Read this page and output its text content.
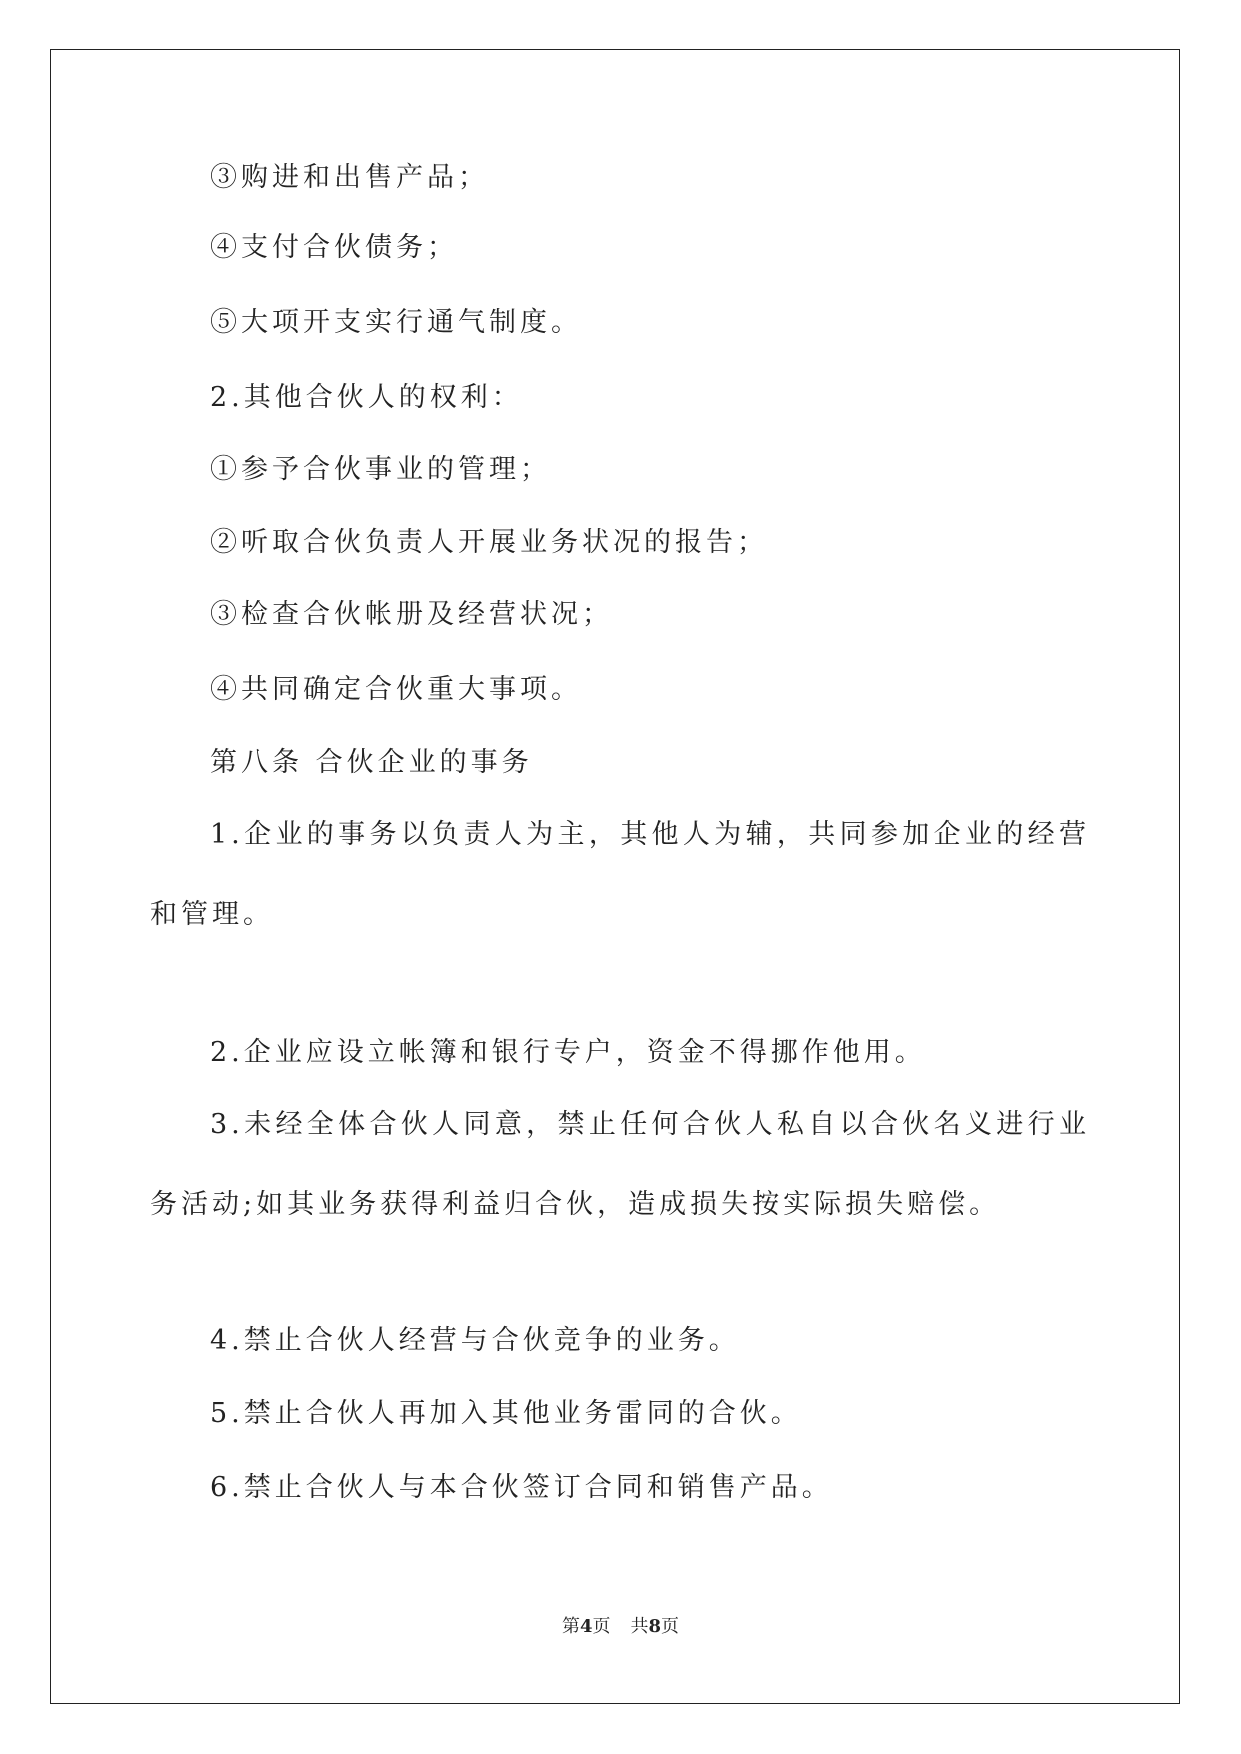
③购进和出售产品；
④支付合伙债务；
⑤大项开支实行通气制度。
2.其他合伙人的权利：
①参予合伙事业的管理；
②听取合伙负责人开展业务状况的报告；
③检查合伙帐册及经营状况；
④共同确定合伙重大事项。
第八条 合伙企业的事务
1.企业的事务以负责人为主，其他人为辅，共同参加企业的经营和管理。
2.企业应设立帐簿和银行专户，资金不得挪作他用。
3.未经全体合伙人同意，禁止任何合伙人私自以合伙名义进行业务活动;如其业务获得利益归合伙，造成损失按实际损失赔偿。
4.禁止合伙人经营与合伙竞争的业务。
5.禁止合伙人再加入其他业务雷同的合伙。
6.禁止合伙人与本合伙签订合同和销售产品。
第4页 共8页
